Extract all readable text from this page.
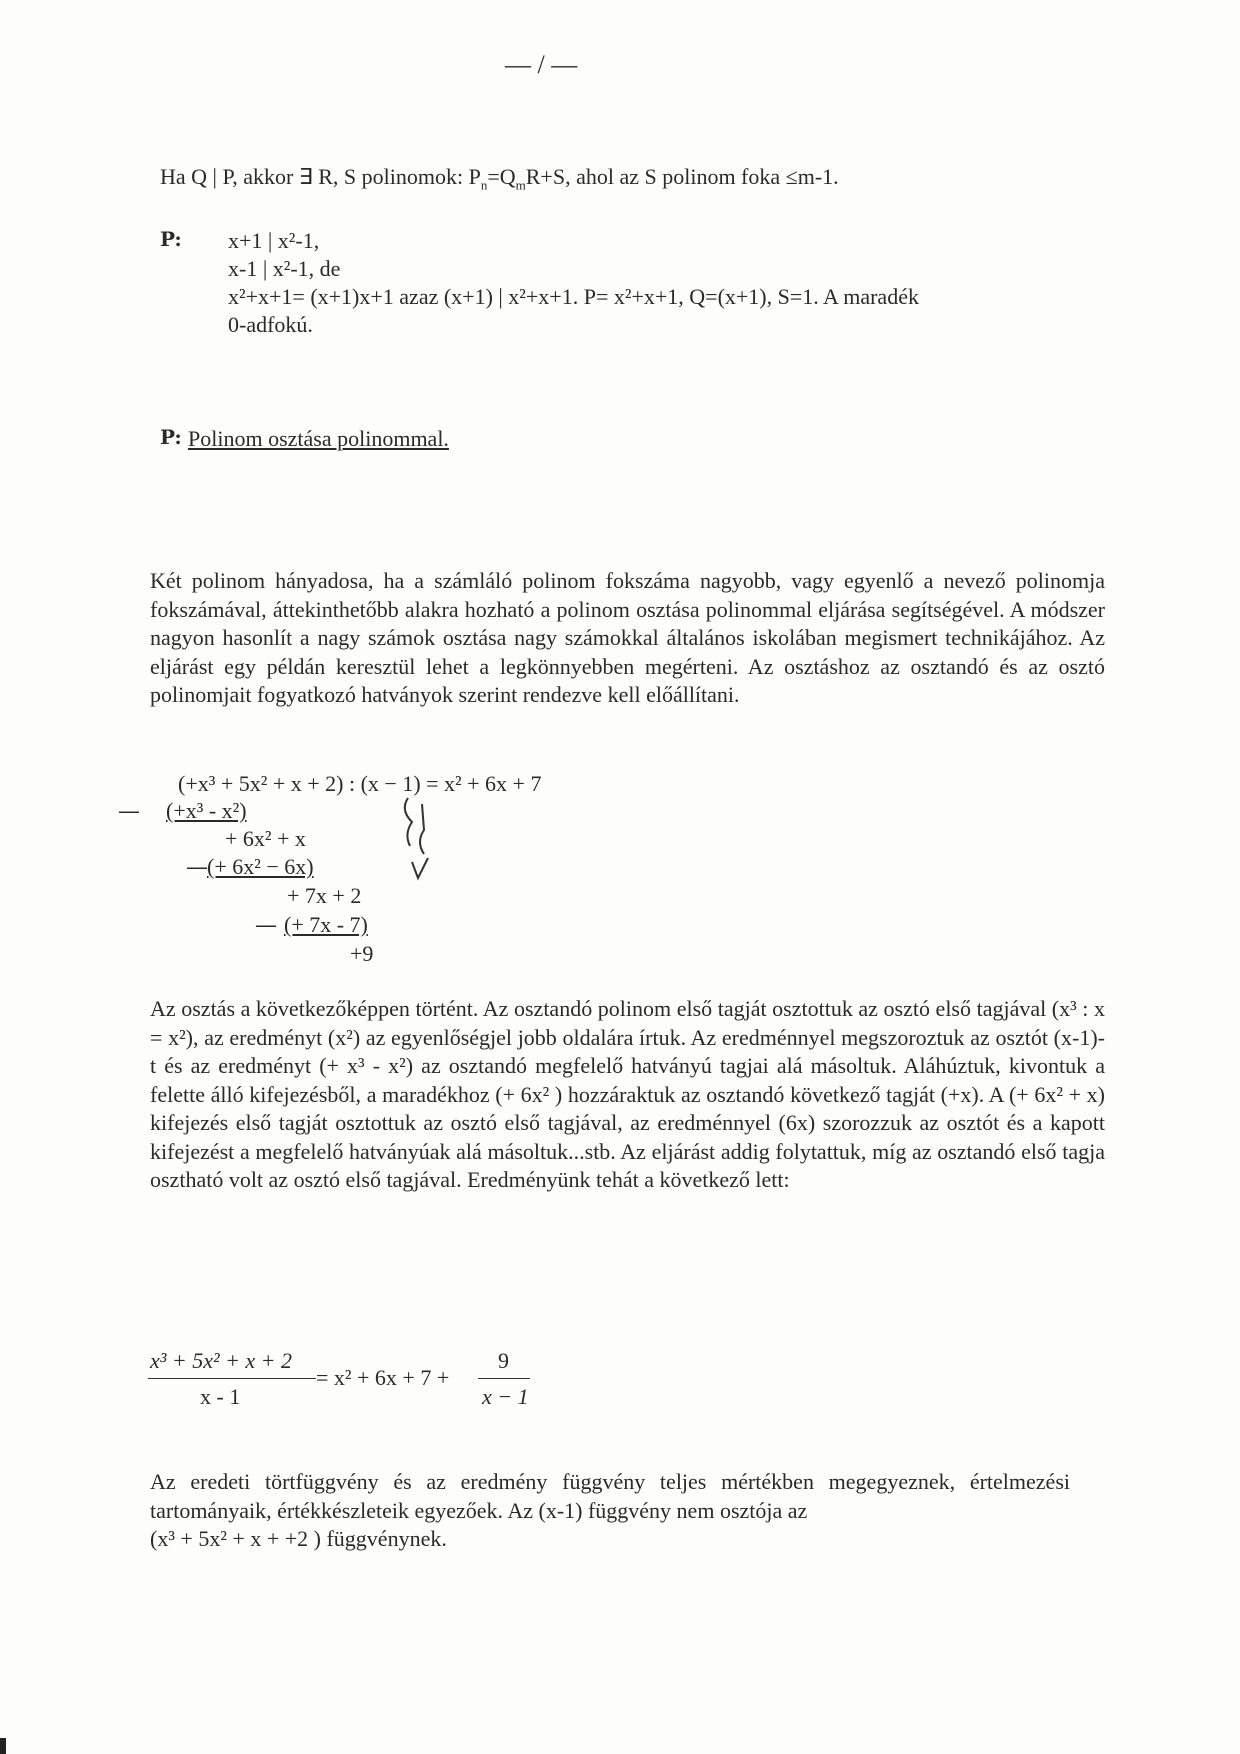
— / —
Ha Q | P, akkor ∃ R, S polinomok: $P_n=Q_mR+S$, ahol az S polinom foka ≤m-1.
P: x+1 | x²-1,
x-1 | x²-1, de
x²+x+1= (x+1)x+1 azaz (x+1) | x²+x+1. P= x²+x+1, Q=(x+1), S=1. A maradék
0-adfokú.
P: Polinom osztása polinommal.
Két polinom hányadosa, ha a számláló polinom fokszáma nagyobb, vagy egyenlő a nevező polinomja fokszámával, áttekinthetőbb alakra hozható a polinom osztása polinommal eljárása segítségével. A módszer nagyon hasonlít a nagy számok osztása nagy számokkal általános iskolában megismert technikájához. Az eljárást egy példán keresztül lehet a legkönnyebben megérteni. Az osztáshoz az osztandó és az osztó polinomjait fogyatkozó hatványok szerint rendezve kell előállítani.
(+x³ + 5x² + x + 2) : (x − 1) = x² + 6x + 7
— (+x³ - x²)
+ 6x² + x
— (+ 6x² − 6x)
+ 7x + 2
— (+ 7x - 7)
+9
Az osztás a következőképpen történt. Az osztandó polinom első tagját osztottuk az osztó első tagjával (x³ : x = x²), az eredményt (x²) az egyenlőségjel jobb oldalára írtuk. Az eredménnyel megszoroztuk az osztót (x-1)-t és az eredményt (+ x³ - x²) az osztandó megfelelő hatványú tagjai alá másoltuk. Aláhúztuk, kivontuk a felette álló kifejezésből, a maradékhoz (+ 6x² ) hozzáraktuk az osztandó következő tagját (+x). A (+ 6x² + x) kifejezés első tagját osztottuk az osztó első tagjával, az eredménnyel (6x) szorozzuk az osztót és a kapott kifejezést a megfelelő hatványúak alá másoltuk...stb. Az eljárást addig folytattuk, míg az osztandó első tagja osztható volt az osztó első tagjával. Eredményünk tehát a következő lett:
x³ + 5x² + x + 2
x - 1
= x² + 6x + 7 +
9
x − 1
Az eredeti törtfüggvény és az eredmény függvény teljes mértékben megegyeznek, értelmezési tartományaik, értékkészleteik egyezőek. Az (x-1) függvény nem osztója az
(x³ + 5x² + x + +2 ) függvénynek.
